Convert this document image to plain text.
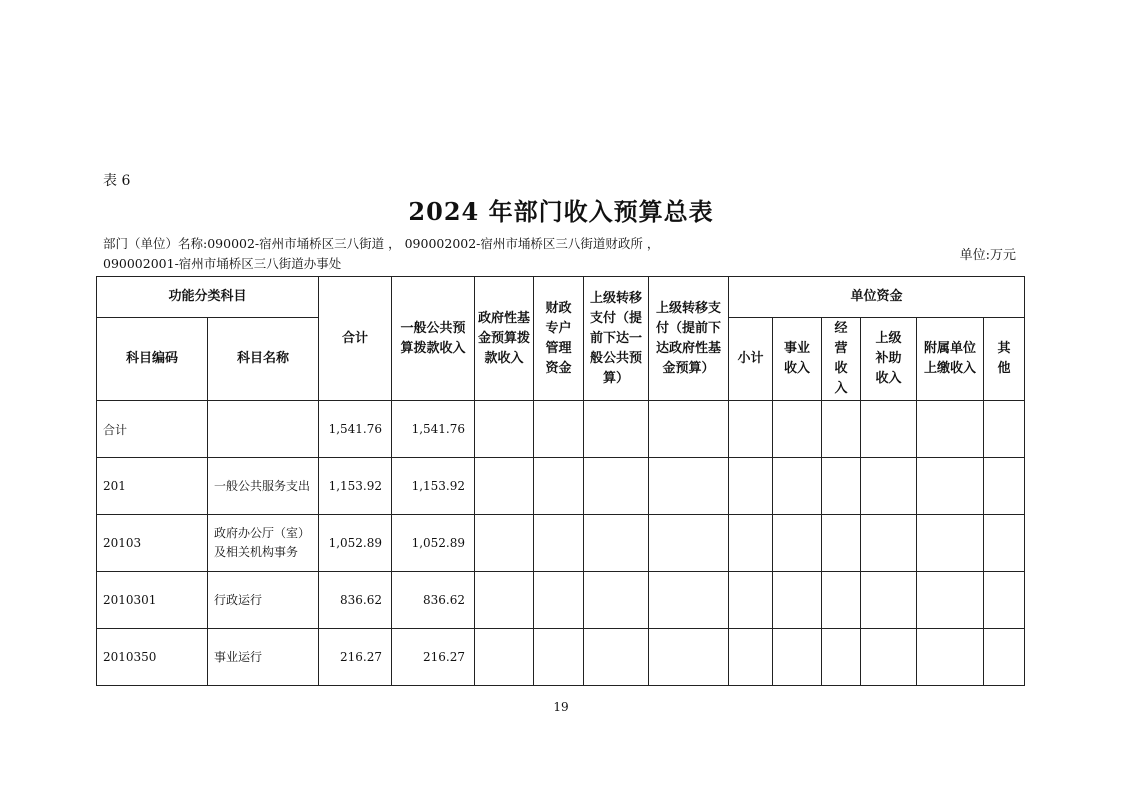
表 6
2024 年部门收入预算总表
部门（单位）名称:090002-宿州市埇桥区三八街道 ， 090002002-宿州市埇桥区三八街道财政所 ，
090002001-宿州市埇桥区三八街道办事处
单位:万元
功能分类科目		合计	一般公共预算拨款收入	政府性基金预算拨款收入	财政专户管理资金	上级转移支付（提前下达一般公共预算）	上级转移支付（提前下达政府性基金预算）	单位资金					
科目编码	科目名称							小计	事业收入	经营收入	上级补助收入	附属单位上缴收入	其他
合计		1,541.76	1,541.76										
201	一般公共服务支出	1,153.92	1,153.92										
20103	政府办公厅（室）及相关机构事务	1,052.89	1,052.89										
2010301	行政运行	836.62	836.62										
2010350	事业运行	216.27	216.27										
19
